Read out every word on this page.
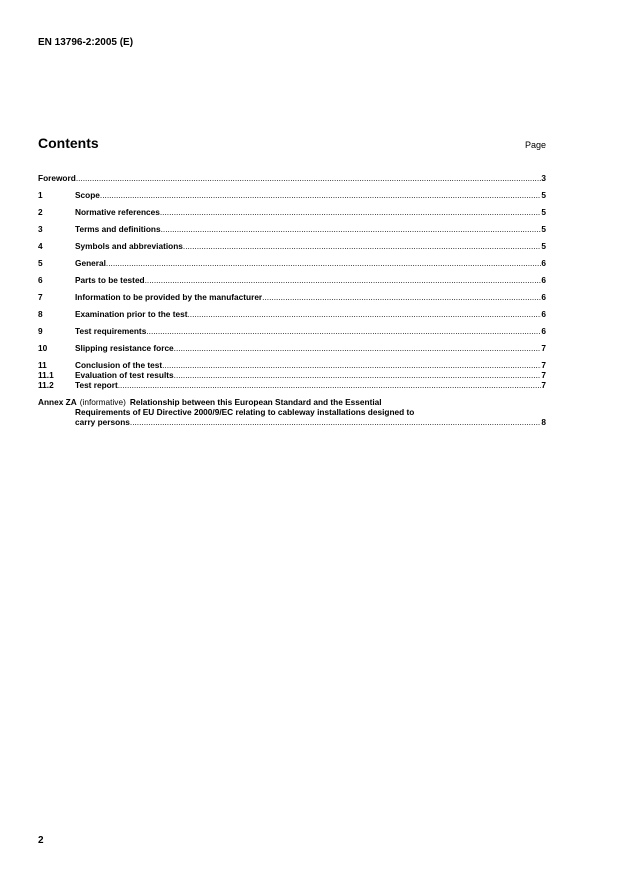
EN 13796-2:2005 (E)
Contents	Page
Foreword .....	3
1	Scope .....	5
2	Normative references .....	5
3	Terms and definitions .....	5
4	Symbols and abbreviations .....	5
5	General .....	6
6	Parts to be tested .....	6
7	Information to be provided by the manufacturer .....	6
8	Examination prior to the test .....	6
9	Test requirements .....	6
10	Slipping resistance force .....	7
11	Conclusion of the test .....	7
11.1	Evaluation of test results .....	7
11.2	Test report .....	7
Annex ZA (informative) Relationship between this European Standard and the Essential
Requirements of EU Directive 2000/9/EC relating to cableway installations designed to
carry persons .....	8
2
